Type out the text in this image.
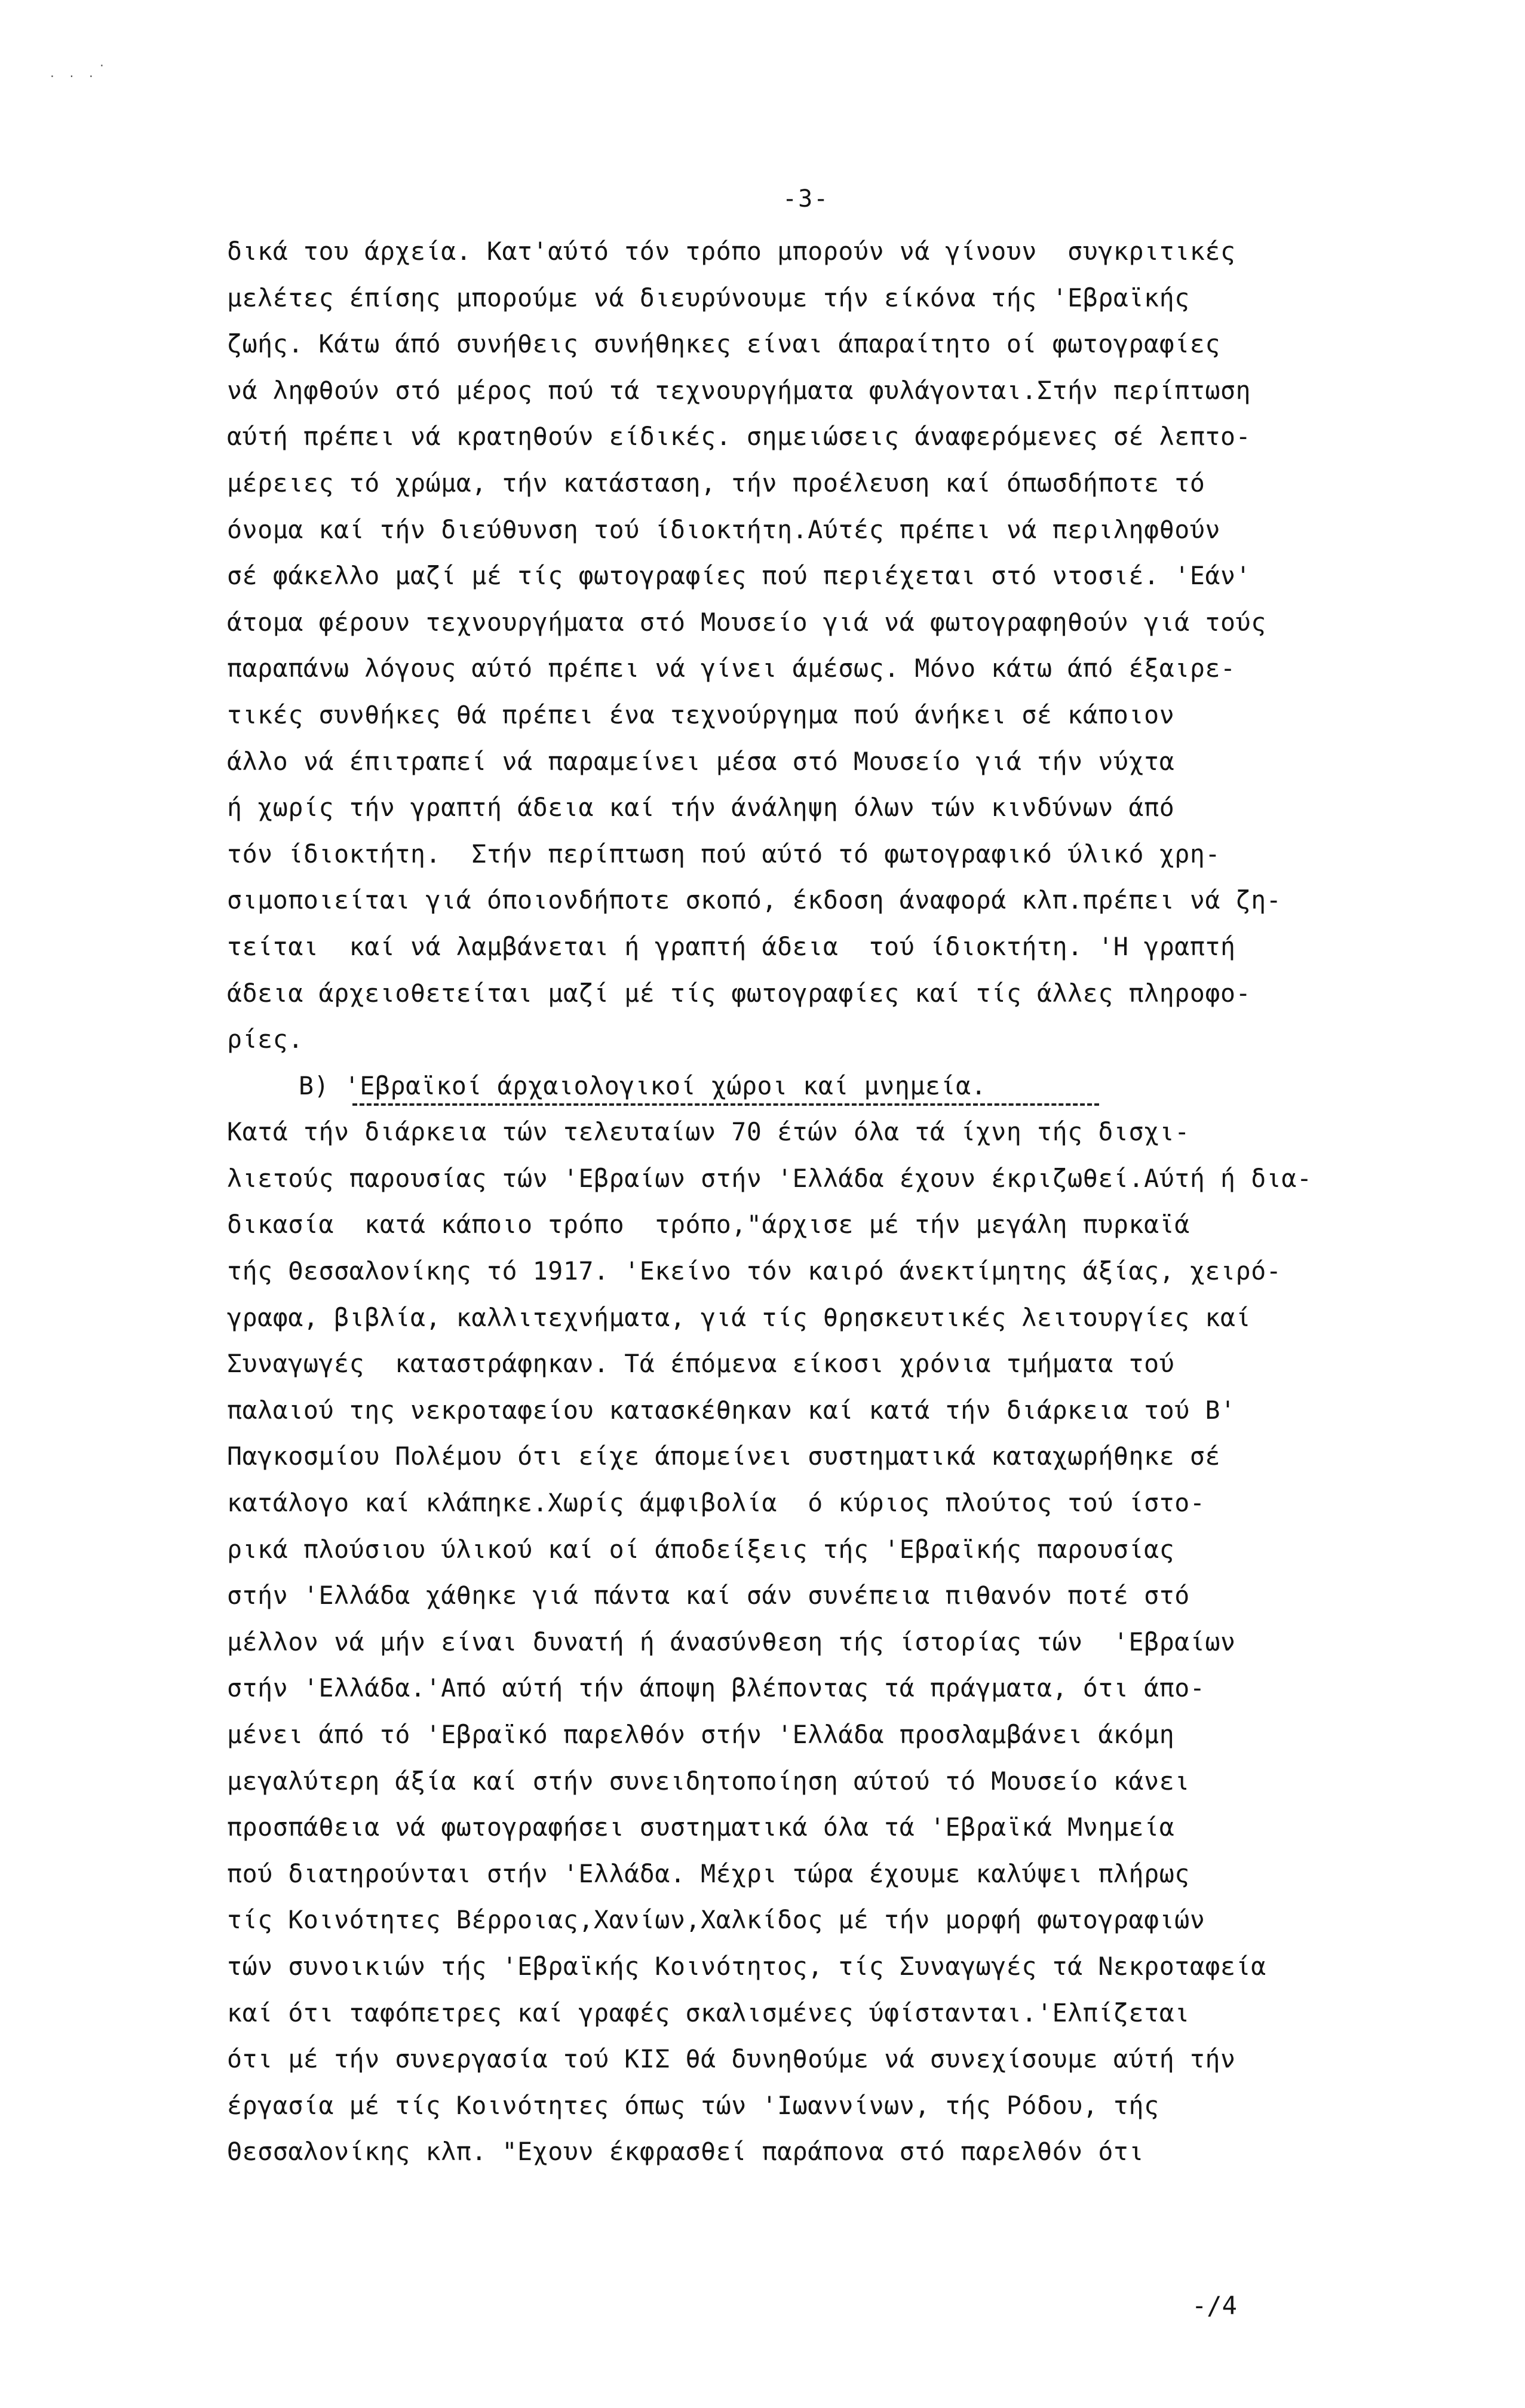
·  ·  ·
·
-3-
δικά του άρχεία. Κατ'αύτό τόν τρόπο μπορούν νά γίνουν  συγκριτικές
μελέτες έπίσης μπορούμε νά διευρύνουμε τήν είκόνα τής 'Εβραϊκής
ζωής. Κάτω άπό συνήθεις συνήθηκες είναι άπαραίτητο οί φωτογραφίες
νά ληφθούν στό μέρος πού τά τεχνουργήματα φυλάγονται.Στήν περίπτωση
αύτή πρέπει νά κρατηθούν είδικές. σημειώσεις άναφερόμενες σέ λεπτο-
μέρειες τό χρώμα, τήν κατάσταση, τήν προέλευση καί όπωσδήποτε τό
όνομα καί τήν διεύθυνση τού ίδιοκτήτη.Αύτές πρέπει νά περιληφθούν
σέ φάκελλο μαζί μέ τίς φωτογραφίες πού περιέχεται στό ντοσιέ. 'Εάν'
άτομα φέρουν τεχνουργήματα στό Μουσείο γιά νά φωτογραφηθούν γιά τούς
παραπάνω λόγους αύτό πρέπει νά γίνει άμέσως. Μόνο κάτω άπό έξαιρε-
τικές συνθήκες θά πρέπει ένα τεχνούργημα πού άνήκει σέ κάποιον
άλλο νά έπιτραπεί νά παραμείνει μέσα στό Μουσείο γιά τήν νύχτα
ή χωρίς τήν γραπτή άδεια καί τήν άνάληψη όλων τών κινδύνων άπό
τόν ίδιοκτήτη.  Στήν περίπτωση πού αύτό τό φωτογραφικό ύλικό χρη-
σιμοποιείται γιά όποιονδήποτε σκοπό, έκδοση άναφορά κλπ.πρέπει νά ζη-
τείται  καί νά λαμβάνεται ή γραπτή άδεια  τού ίδιοκτήτη. 'Η γραπτή
άδεια άρχειοθετείται μαζί μέ τίς φωτογραφίες καί τίς άλλες πληροφο-
ρίες.
B) 'Εβραϊκοί άρχαιολογικοί χώροι καί μνημεία.
Κατά τήν διάρκεια τών τελευταίων 70 έτών όλα τά ίχνη τής δισχι-
λιετούς παρουσίας τών 'Εβραίων στήν 'Ελλάδα έχουν έκριζωθεί.Αύτή ή δια-
δικασία  κατά κάποιο τρόπο  τρόπο,"άρχισε μέ τήν μεγάλη πυρκαϊά
τής Θεσσαλονίκης τό 1917. 'Εκείνο τόν καιρό άνεκτίμητης άξίας, χειρό-
γραφα, βιβλία, καλλιτεχνήματα, γιά τίς θρησκευτικές λειτουργίες καί
Συναγωγές  καταστράφηκαν. Τά έπόμενα είκοσι χρόνια τμήματα τού
παλαιού της νεκροταφείου κατασκέθηκαν καί κατά τήν διάρκεια τού Β'
Παγκοσμίου Πολέμου ότι είχε άπομείνει συστηματικά καταχωρήθηκε σέ
κατάλογο καί κλάπηκε.Χωρίς άμφιβολία  ό κύριος πλούτος τού ίστο-
ρικά πλούσιου ύλικού καί οί άποδείξεις τής 'Εβραϊκής παρουσίας
στήν 'Ελλάδα χάθηκε γιά πάντα καί σάν συνέπεια πιθανόν ποτέ στό
μέλλον νά μήν είναι δυνατή ή άνασύνθεση τής ίστορίας τών  'Εβραίων
στήν 'Ελλάδα.'Από αύτή τήν άποψη βλέποντας τά πράγματα, ότι άπο-
μένει άπό τό 'Εβραϊκό παρελθόν στήν 'Ελλάδα προσλαμβάνει άκόμη
μεγαλύτερη άξία καί στήν συνειδητοποίηση αύτού τό Μουσείο κάνει
προσπάθεια νά φωτογραφήσει συστηματικά όλα τά 'Εβραϊκά Μνημεία
πού διατηρούνται στήν 'Ελλάδα. Μέχρι τώρα έχουμε καλύψει πλήρως
τίς Κοινότητες Βέρροιας,Χανίων,Χαλκίδος μέ τήν μορφή φωτογραφιών
τών συνοικιών τής 'Εβραϊκής Κοινότητος, τίς Συναγωγές τά Νεκροταφεία
καί ότι ταφόπετρες καί γραφές σκαλισμένες ύφίστανται.'Ελπίζεται
ότι μέ τήν συνεργασία τού ΚΙΣ θά δυνηθούμε νά συνεχίσουμε αύτή τήν
έργασία μέ τίς Κοινότητες όπως τών 'Ιωαννίνων, τής Ρόδου, τής
Θεσσαλονίκης κλπ. "Εχουν έκφρασθεί παράπονα στό παρελθόν ότι
-/4
